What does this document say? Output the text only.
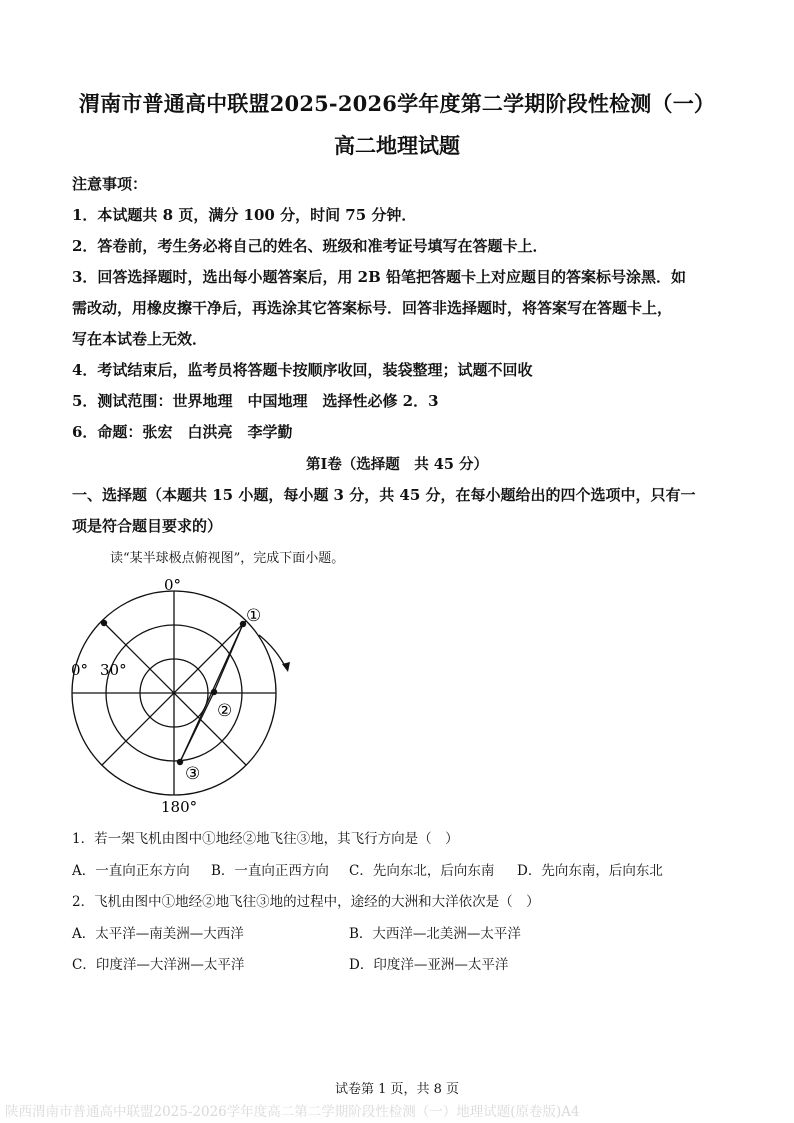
渭南市普通高中联盟2025-2026学年度第二学期阶段性检测（一）
高二地理试题
注意事项：
1．本试题共 8 页，满分 100 分，时间 75 分钟．
2．答卷前，考生务必将自己的姓名、班级和准考证号填写在答题卡上．
3．回答选择题时，选出每小题答案后，用 2B 铅笔把答题卡上对应题目的答案标号涂黑．如
需改动，用橡皮擦干净后，再选涂其它答案标号．回答非选择题时，将答案写在答题卡上，
写在本试卷上无效．
4．考试结束后，监考员将答题卡按顺序收回，装袋整理；试题不回收
5．测试范围：世界地理　中国地理　选择性必修 2．3
6．命题：张宏　白洪亮　李学勤
第Ⅰ卷（选择题　共 45 分）
一、选择题（本题共 15 小题，每小题 3 分，共 45 分，在每小题给出的四个选项中，只有一
项是符合题目要求的）
读“某半球极点俯视图”，完成下面小题。
0°
0° 30°
180°
①
②
③
1．若一架飞机由图中①地经②地飞往③地，其飞行方向是（　）
A．一直向正东方向 B．一直向正西方向 C．先向东北，后向东南 D．先向东南，后向东北
2．飞机由图中①地经②地飞往③地的过程中，途经的大洲和大洋依次是（　）
A．太平洋—南美洲—大西洋	B．大西洋—北美洲—太平洋
C．印度洋—大洋洲—太平洋	D．印度洋—亚洲—太平洋
试卷第 1 页，共 8 页
陕西渭南市普通高中联盟2025-2026学年度高二第二学期阶段性检测（一）地理试题(原卷版)A4
